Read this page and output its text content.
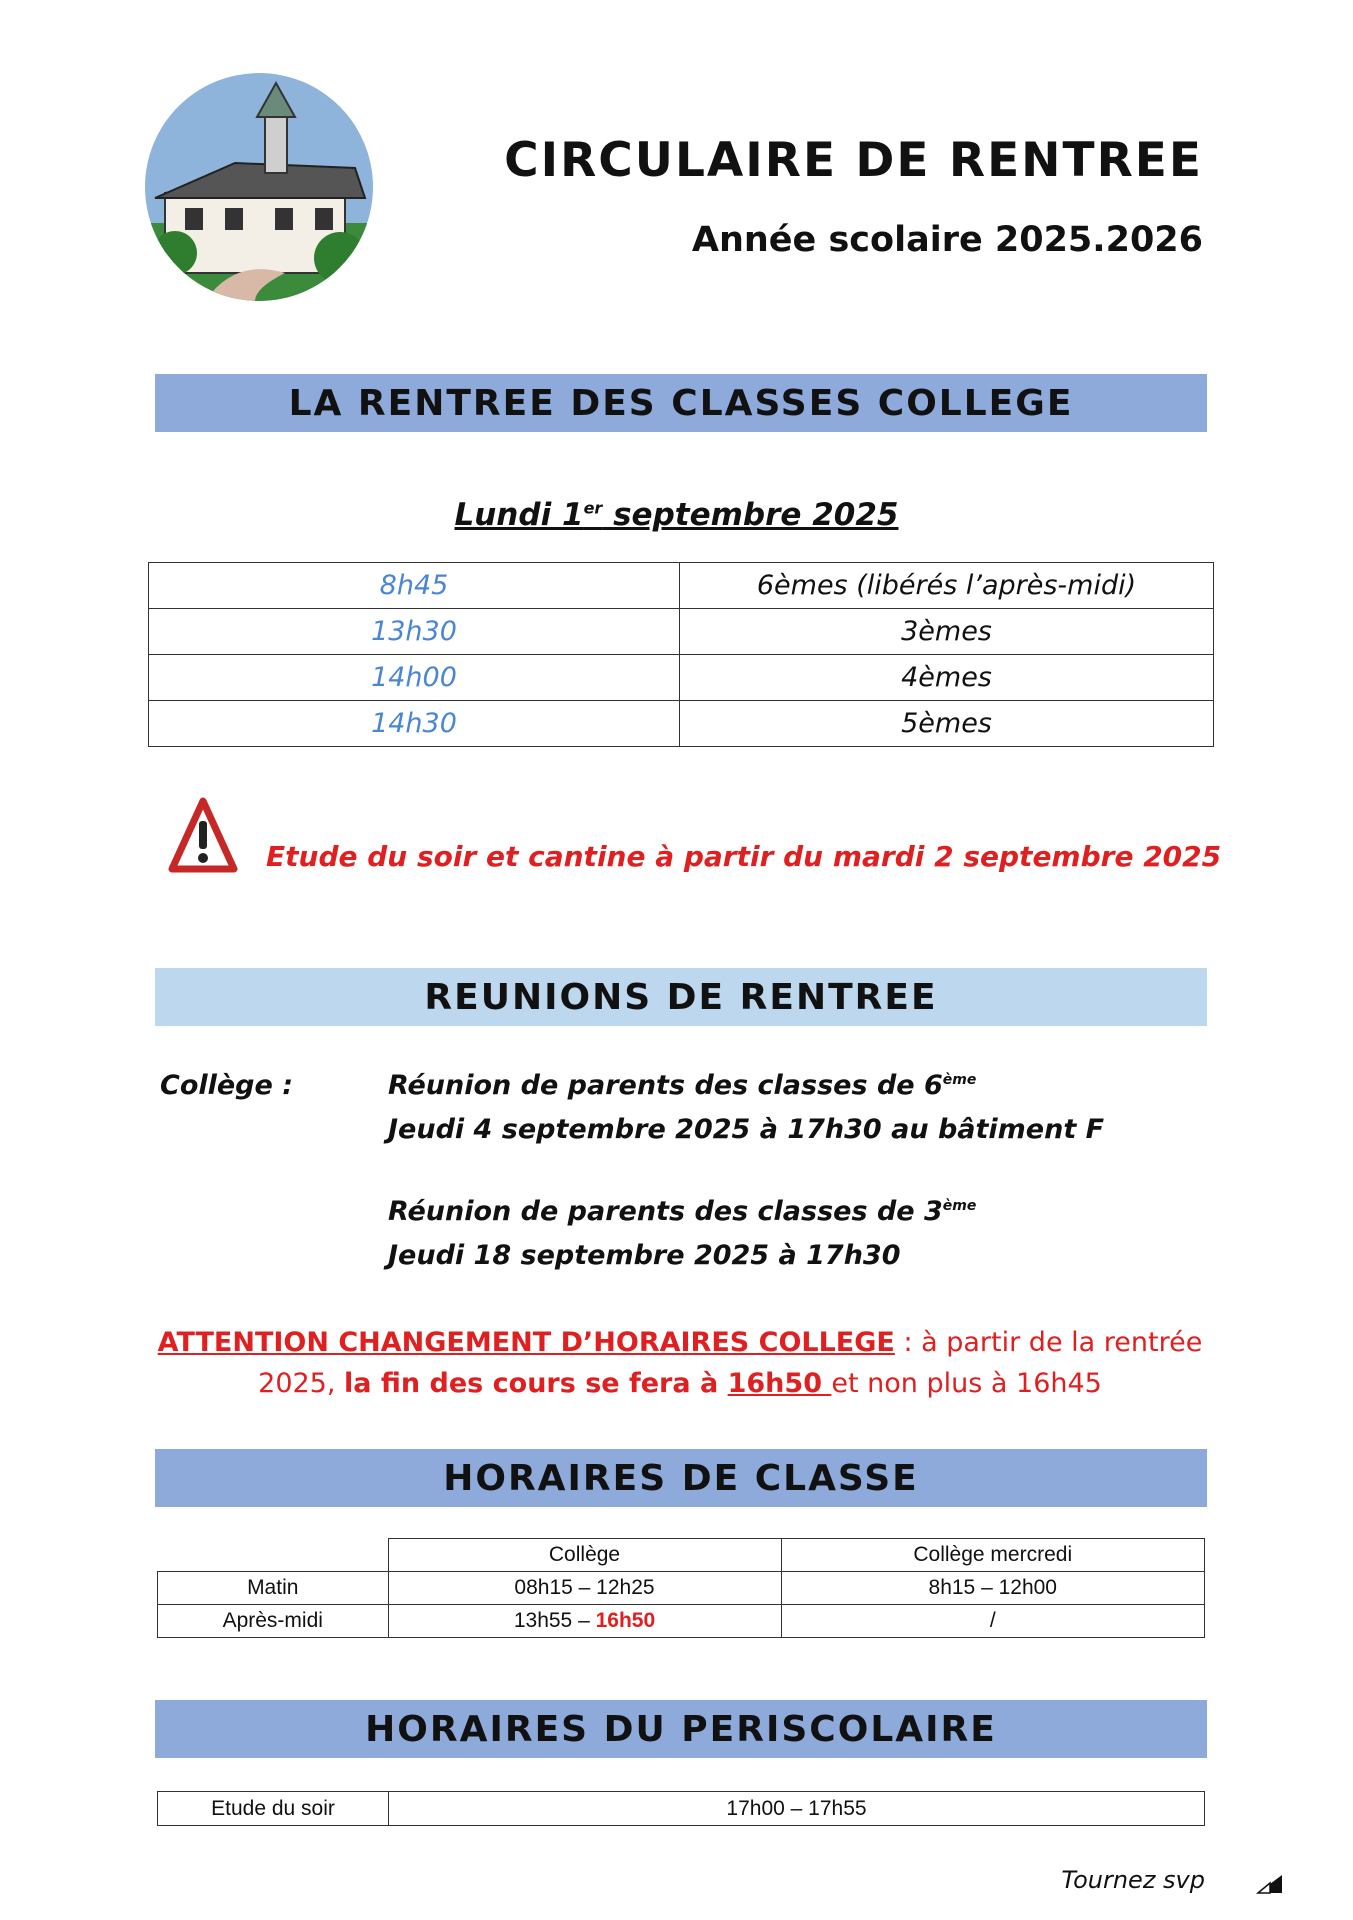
CIRCULAIRE DE RENTREE
Année scolaire 2025.2026
LA RENTREE DES CLASSES COLLEGE
Lundi 1er septembre 2025
8h45	6èmes (libérés l’après-midi)
13h30	3èmes
14h00	4èmes
14h30	5èmes
Etude du soir et cantine à partir du mardi 2 septembre 2025
REUNIONS DE RENTREE
Collège :	Réunion de parents des classes de 6ème
Jeudi 4 septembre 2025 à 17h30 au bâtiment F
Réunion de parents des classes de 3ème
Jeudi 18 septembre 2025 à 17h30
ATTENTION CHANGEMENT D’HORAIRES COLLEGE : à partir de la rentrée 2025, la fin des cours se fera à 16h50 et non plus à 16h45
HORAIRES DE CLASSE
	Collège	Collège mercredi
Matin	08h15 – 12h25	8h15 – 12h00
Après-midi	13h55 – 16h50	/
HORAIRES DU PERISCOLAIRE
Etude du soir	17h00 – 17h55
Tournez svp
